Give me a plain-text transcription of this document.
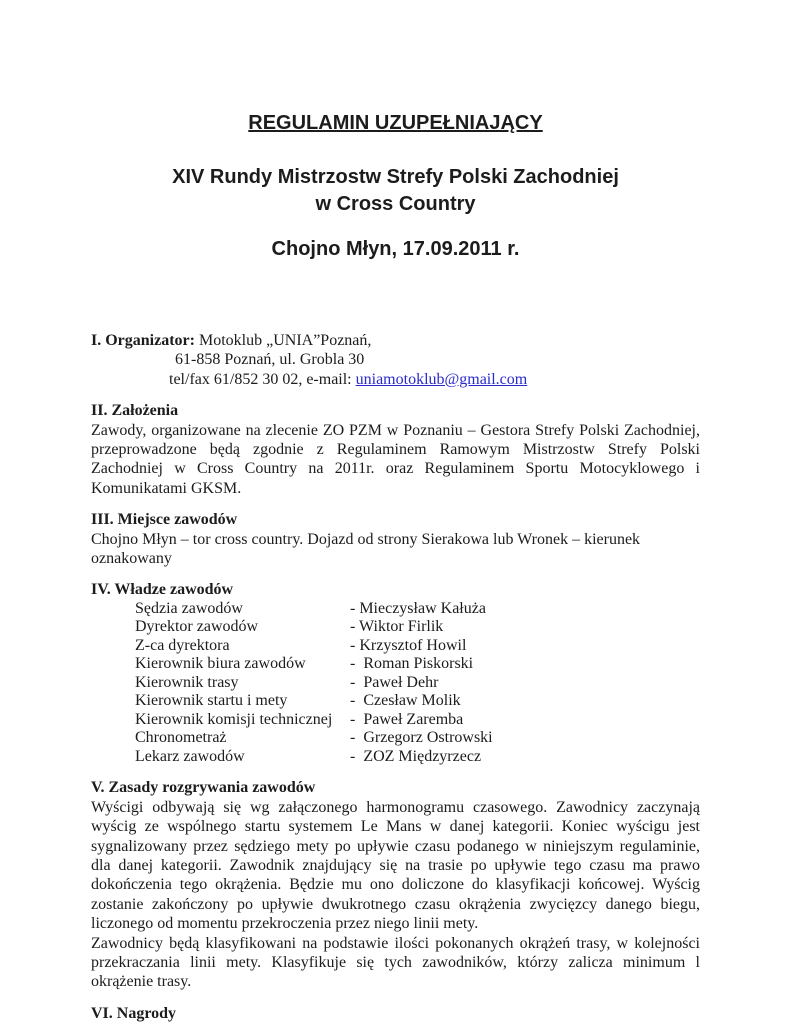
REGULAMIN UZUPEŁNIAJĄCY
XIV Rundy Mistrzostw Strefy Polski Zachodniej
w Cross Country
Chojno Młyn, 17.09.2011 r.

I. Organizator: Motoklub „UNIA”Poznań,

61-858 Poznań, ul. Grobla 30

tel/fax 61/852 30 02, e-mail: uniamotoklub@gmail.com

II. Założenia

Zawody, organizowane na zlecenie ZO PZM w Poznaniu – Gestora Strefy Polski Zachodniej, przeprowadzone będą zgodnie z Regulaminem Ramowym Mistrzostw Strefy Polski Zachodniej w Cross Country na 2011r. oraz Regulaminem Sportu Motocyklowego i Komunikatami GKSM.

III. Miejsce zawodów

Chojno Młyn – tor cross country. Dojazd od strony Sierakowa lub Wronek – kierunek oznakowany

IV. Władze zawodów
Sędzia zawodów	- Mieczysław Kałuża
Dyrektor zawodów	- Wiktor Firlik
Z-ca dyrektora	- Krzysztof Howil
Kierownik biura zawodów	-  Roman Piskorski
Kierownik trasy	-  Paweł Dehr
Kierownik startu i mety	-  Czesław Molik
Kierownik komisji technicznej	-  Paweł Zaremba
Chronometraż	-  Grzegorz Ostrowski
Lekarz zawodów	-  ZOZ Międzyrzecz
V. Zasady rozgrywania zawodów

Wyścigi odbywają się wg załączonego harmonogramu czasowego. Zawodnicy zaczynają wyścig ze wspólnego startu systemem Le Mans w danej kategorii. Koniec wyścigu jest sygnalizowany przez sędziego mety po upływie czasu podanego w niniejszym regulaminie, dla danej kategorii. Zawodnik znajdujący się na trasie po upływie tego czasu ma prawo dokończenia tego okrążenia. Będzie mu ono doliczone do klasyfikacji końcowej. Wyścig zostanie zakończony po upływie dwukrotnego czasu okrążenia zwycięzcy danego biegu, liczonego od momentu przekroczenia przez niego linii mety.

Zawodnicy będą klasyfikowani na podstawie ilości pokonanych okrążeń trasy, w kolejności przekraczania linii mety. Klasyfikuje się tych zawodników, którzy zalicza minimum l okrążenie trasy.

VI. Nagrody
